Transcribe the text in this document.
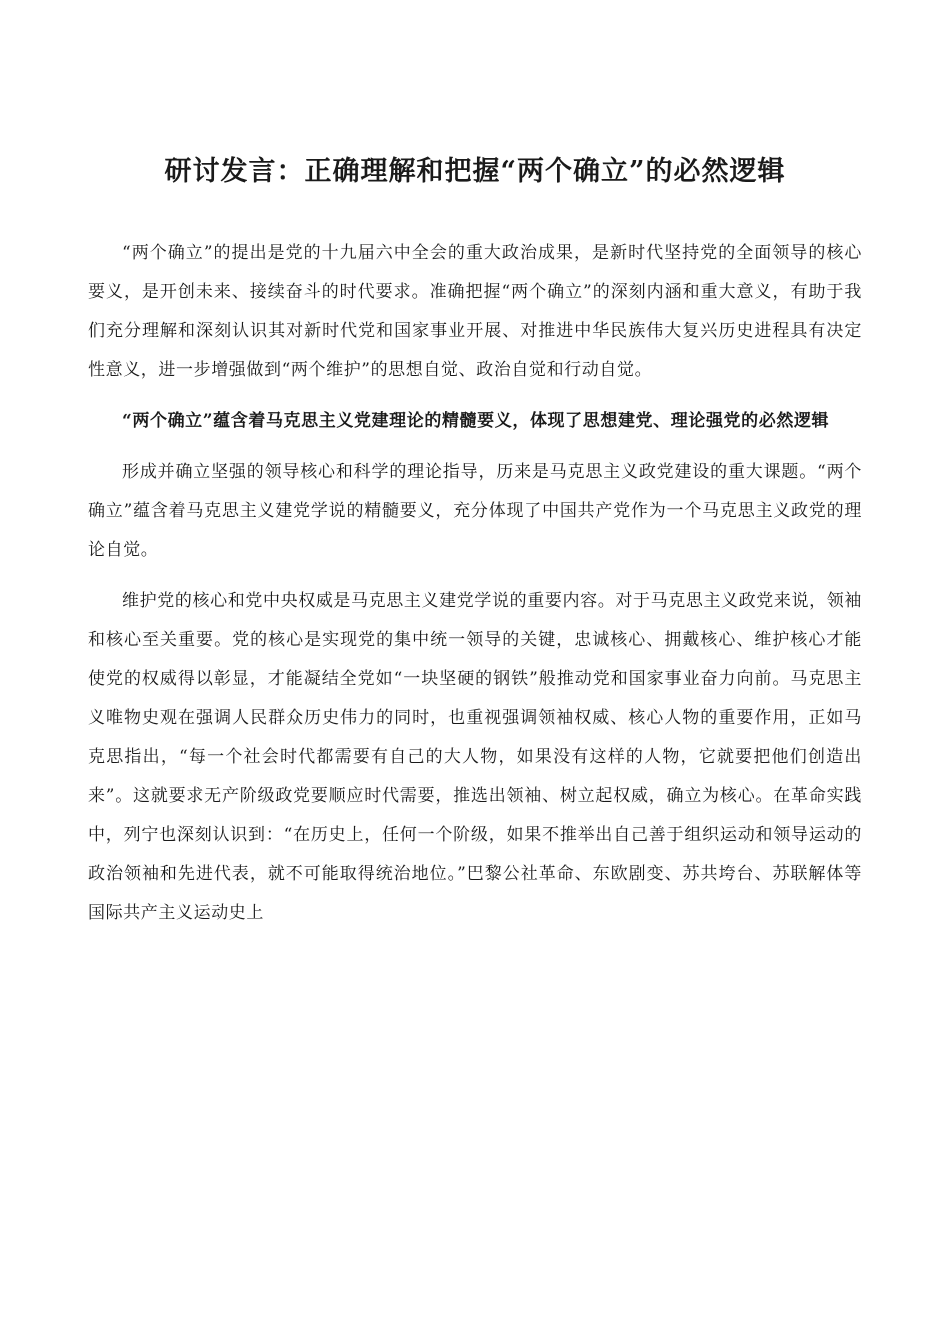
研讨发言：正确理解和把握“两个确立”的必然逻辑

“两个确立”的提出是党的十九届六中全会的重大政治成果，是新时代坚持党的全面领导的核心要义，是开创未来、接续奋斗的时代要求。准确把握“两个确立”的深刻内涵和重大意义，有助于我们充分理解和深刻认识其对新时代党和国家事业开展、对推进中华民族伟大复兴历史进程具有决定性意义，进一步增强做到“两个维护”的思想自觉、政治自觉和行动自觉。

“两个确立”蕴含着马克思主义党建理论的精髓要义，体现了思想建党、理论强党的必然逻辑

形成并确立坚强的领导核心和科学的理论指导，历来是马克思主义政党建设的重大课题。“两个确立”蕴含着马克思主义建党学说的精髓要义，充分体现了中国共产党作为一个马克思主义政党的理论自觉。

维护党的核心和党中央权威是马克思主义建党学说的重要内容。对于马克思主义政党来说，领袖和核心至关重要。党的核心是实现党的集中统一领导的关键，忠诚核心、拥戴核心、维护核心才能使党的权威得以彰显，才能凝结全党如“一块坚硬的钢铁”般推动党和国家事业奋力向前。马克思主义唯物史观在强调人民群众历史伟力的同时，也重视强调领袖权威、核心人物的重要作用，正如马克思指出，“每一个社会时代都需要有自己的大人物，如果没有这样的人物，它就要把他们创造出来”。这就要求无产阶级政党要顺应时代需要，推选出领袖、树立起权威，确立为核心。在革命实践中，列宁也深刻认识到：“在历史上，任何一个阶级，如果不推举出自己善于组织运动和领导运动的政治领袖和先进代表，就不可能取得统治地位。”巴黎公社革命、东欧剧变、苏共垮台、苏联解体等国际共产主义运动史上
